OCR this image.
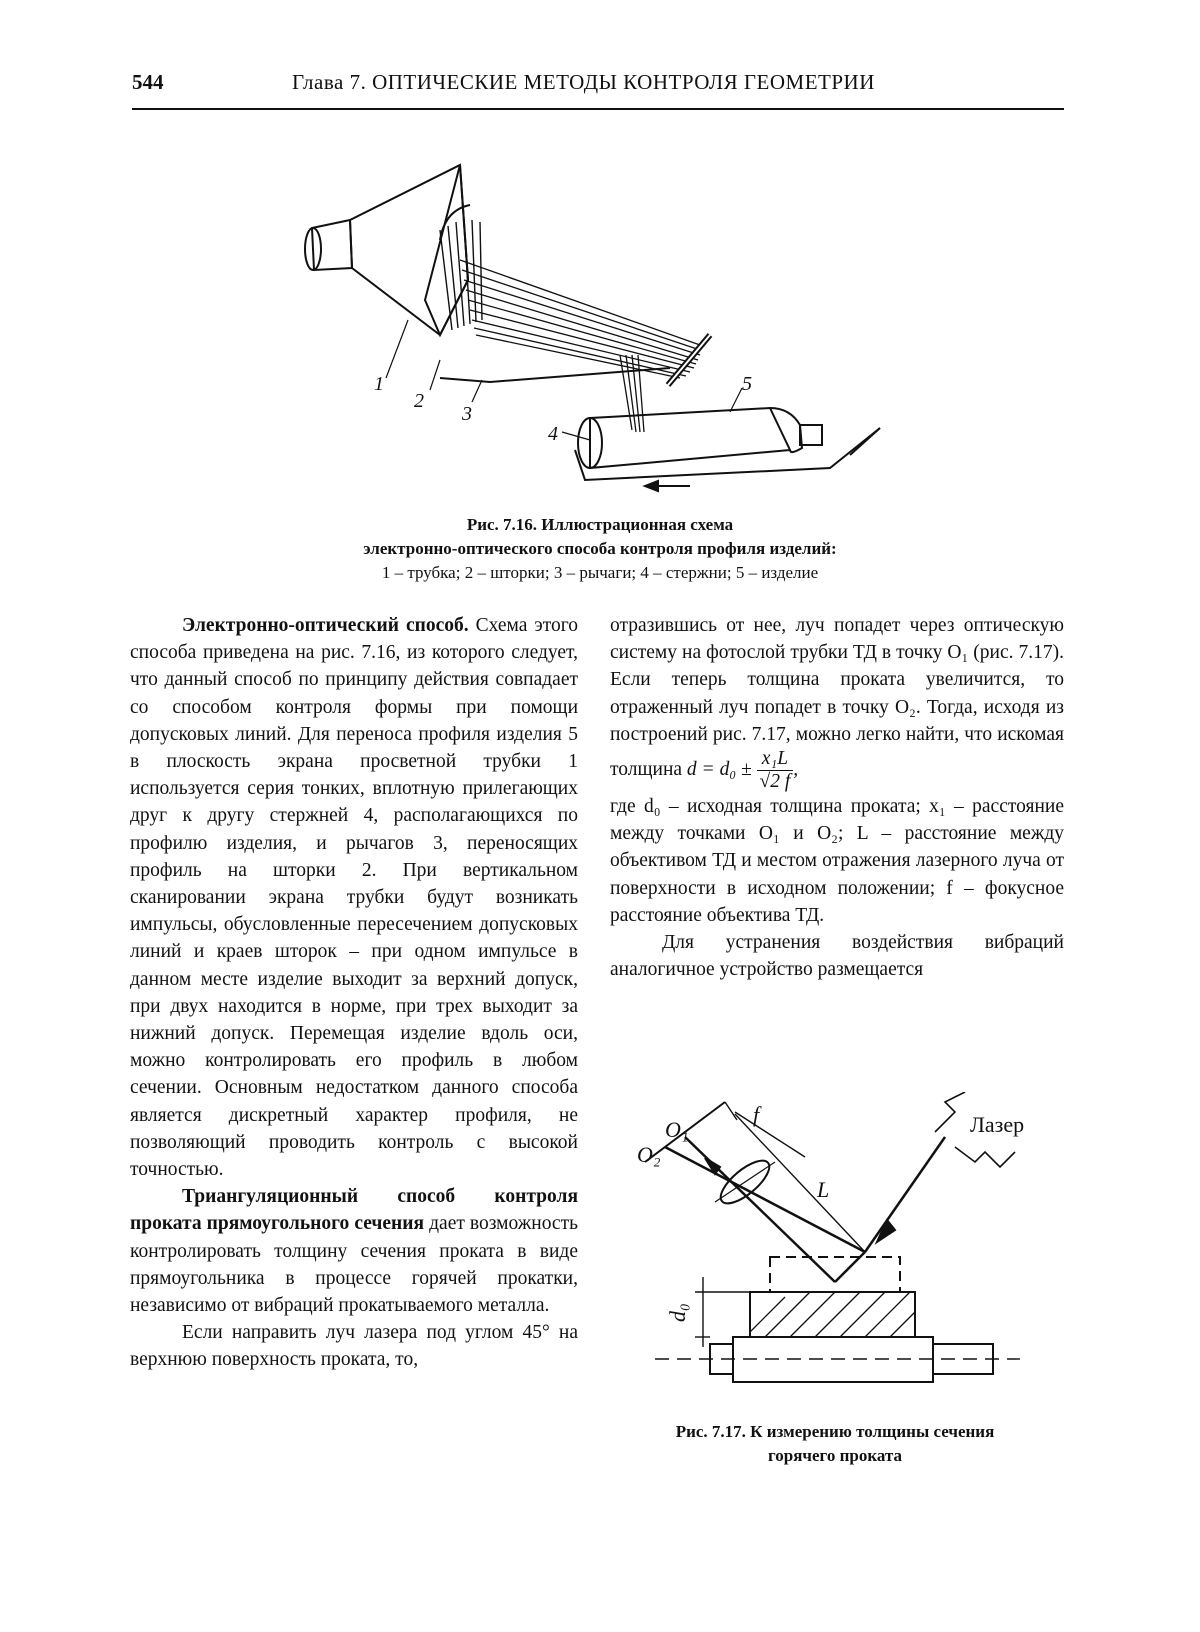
544	Глава 7. ОПТИЧЕСКИЕ МЕТОДЫ КОНТРОЛЯ ГЕОМЕТРИИ
1
2
3
4
5
Рис. 7.16. Иллюстрационная схема
электронно-оптического способа контроля профиля изделий:
1 – трубка; 2 – шторки; 3 – рычаги; 4 – стержни; 5 – изделие

Электронно-оптический способ. Схема этого способа приведена на рис. 7.16, из которого следует, что данный способ по принципу действия совпадает со способом контроля формы при помощи допусковых линий. Для переноса профиля изделия 5 в плоскость экрана просветной трубки 1 используется серия тонких, вплотную прилегающих друг к другу стержней 4, располагающихся по профилю изделия, и рычагов 3, переносящих профиль на шторки 2. При вертикальном сканировании экрана трубки будут возникать импульсы, обусловленные пересечением допусковых линий и краев шторок – при одном импульсе в данном месте изделие выходит за верхний допуск, при двух находится в норме, при трех выходит за нижний допуск. Перемещая изделие вдоль оси, можно контролировать его профиль в любом сечении. Основным недостатком данного способа является дискретный характер профиля, не позволяющий проводить контроль с высокой точностью.

Триангуляционный способ контроля проката прямоугольного сечения дает возможность контролировать толщину сечения проката в виде прямоугольника в процессе горячей прокатки, независимо от вибраций прокатываемого металла.

Если направить луч лазера под углом 45° на верхнюю поверхность проката, то,

отразившись от нее, луч попадет через оптическую систему на фотослой трубки ТД в точку O₁ (рис. 7.17). Если теперь толщина проката увеличится, то отраженный луч попадет в точку O₂. Тогда, исходя из построений рис. 7.17, можно легко найти, что искомая толщина $d = d_0 \pm \frac{\text{x₁L}}{√2 f}$ ,

где d₀ – исходная толщина проката; x₁ – расстояние между точками O₁ и O₂; L – расстояние между объективом ТД и местом отражения лазерного луча от поверхности в исходном положении; f – фокусное расстояние объектива ТД.

Для устранения воздействия вибраций аналогичное устройство размещается

O₁
O₂
f
L
d₀
Лазер
Рис. 7.17. К измерению толщины сечения
горячего проката
